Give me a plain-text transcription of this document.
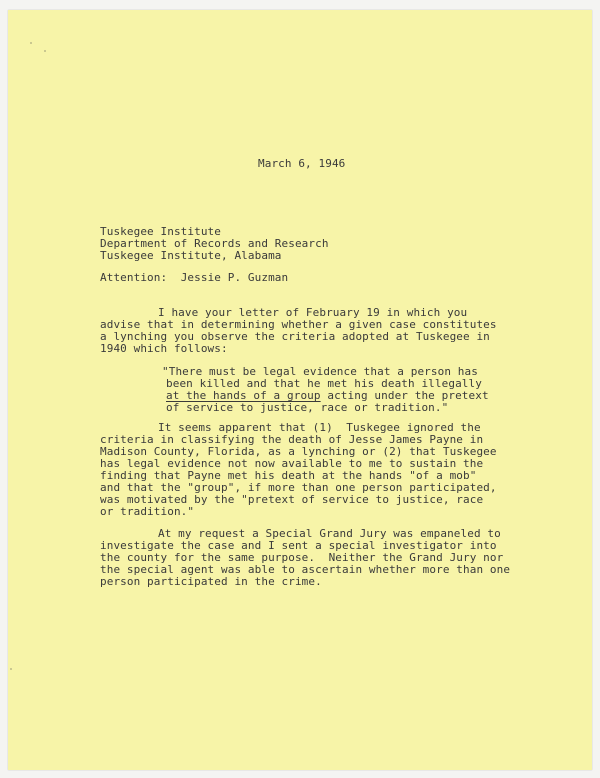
March 6, 1946
Tuskegee Institute
Department of Records and Research
Tuskegee Institute, Alabama
Attention: Jessie P. Guzman
I have your letter of February 19 in which you
advise that in determining whether a given case constitutes
a lynching you observe the criteria adopted at Tuskegee in
1940 which follows:
"There must be legal evidence that a person has
been killed and that he met his death illegally
at the hands of a group acting under the pretext
of service to justice, race or tradition."
It seems apparent that (1)  Tuskegee ignored the
criteria in classifying the death of Jesse James Payne in
Madison County, Florida, as a lynching or (2) that Tuskegee
has legal evidence not now available to me to sustain the
finding that Payne met his death at the hands "of a mob"
and that the "group", if more than one person participated,
was motivated by the "pretext of service to justice, race
or tradition."
At my request a Special Grand Jury was empaneled to
investigate the case and I sent a special investigator into
the county for the same purpose.  Neither the Grand Jury nor
the special agent was able to ascertain whether more than one
person participated in the crime.
